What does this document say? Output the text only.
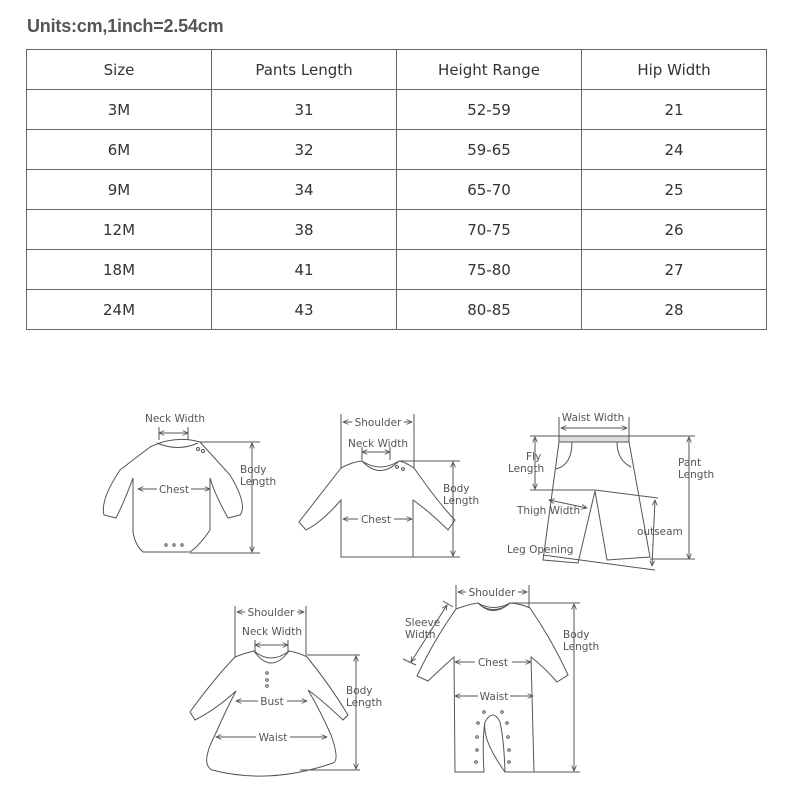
Units:cm,1inch=2.54cm
Size	Pants Length	Height Range	Hip Width
3M	31	52-59	21
6M	32	59-65	24
9M	34	65-70	25
12M	38	70-75	26
18M	41	75-80	27
24M	43	80-85	28
Neck Width
Chest
Body
Length
Shoulder
Neck Width
Chest
Body
Length
Waist Width
Fly
Length	Pant
Length
Thigh Width
outseam
Leg Opening
Shoulder
Neck Width
Bust
Waist
Body
Length
Shoulder
Sleeve
Width
Chest
Waist
Body
Length
